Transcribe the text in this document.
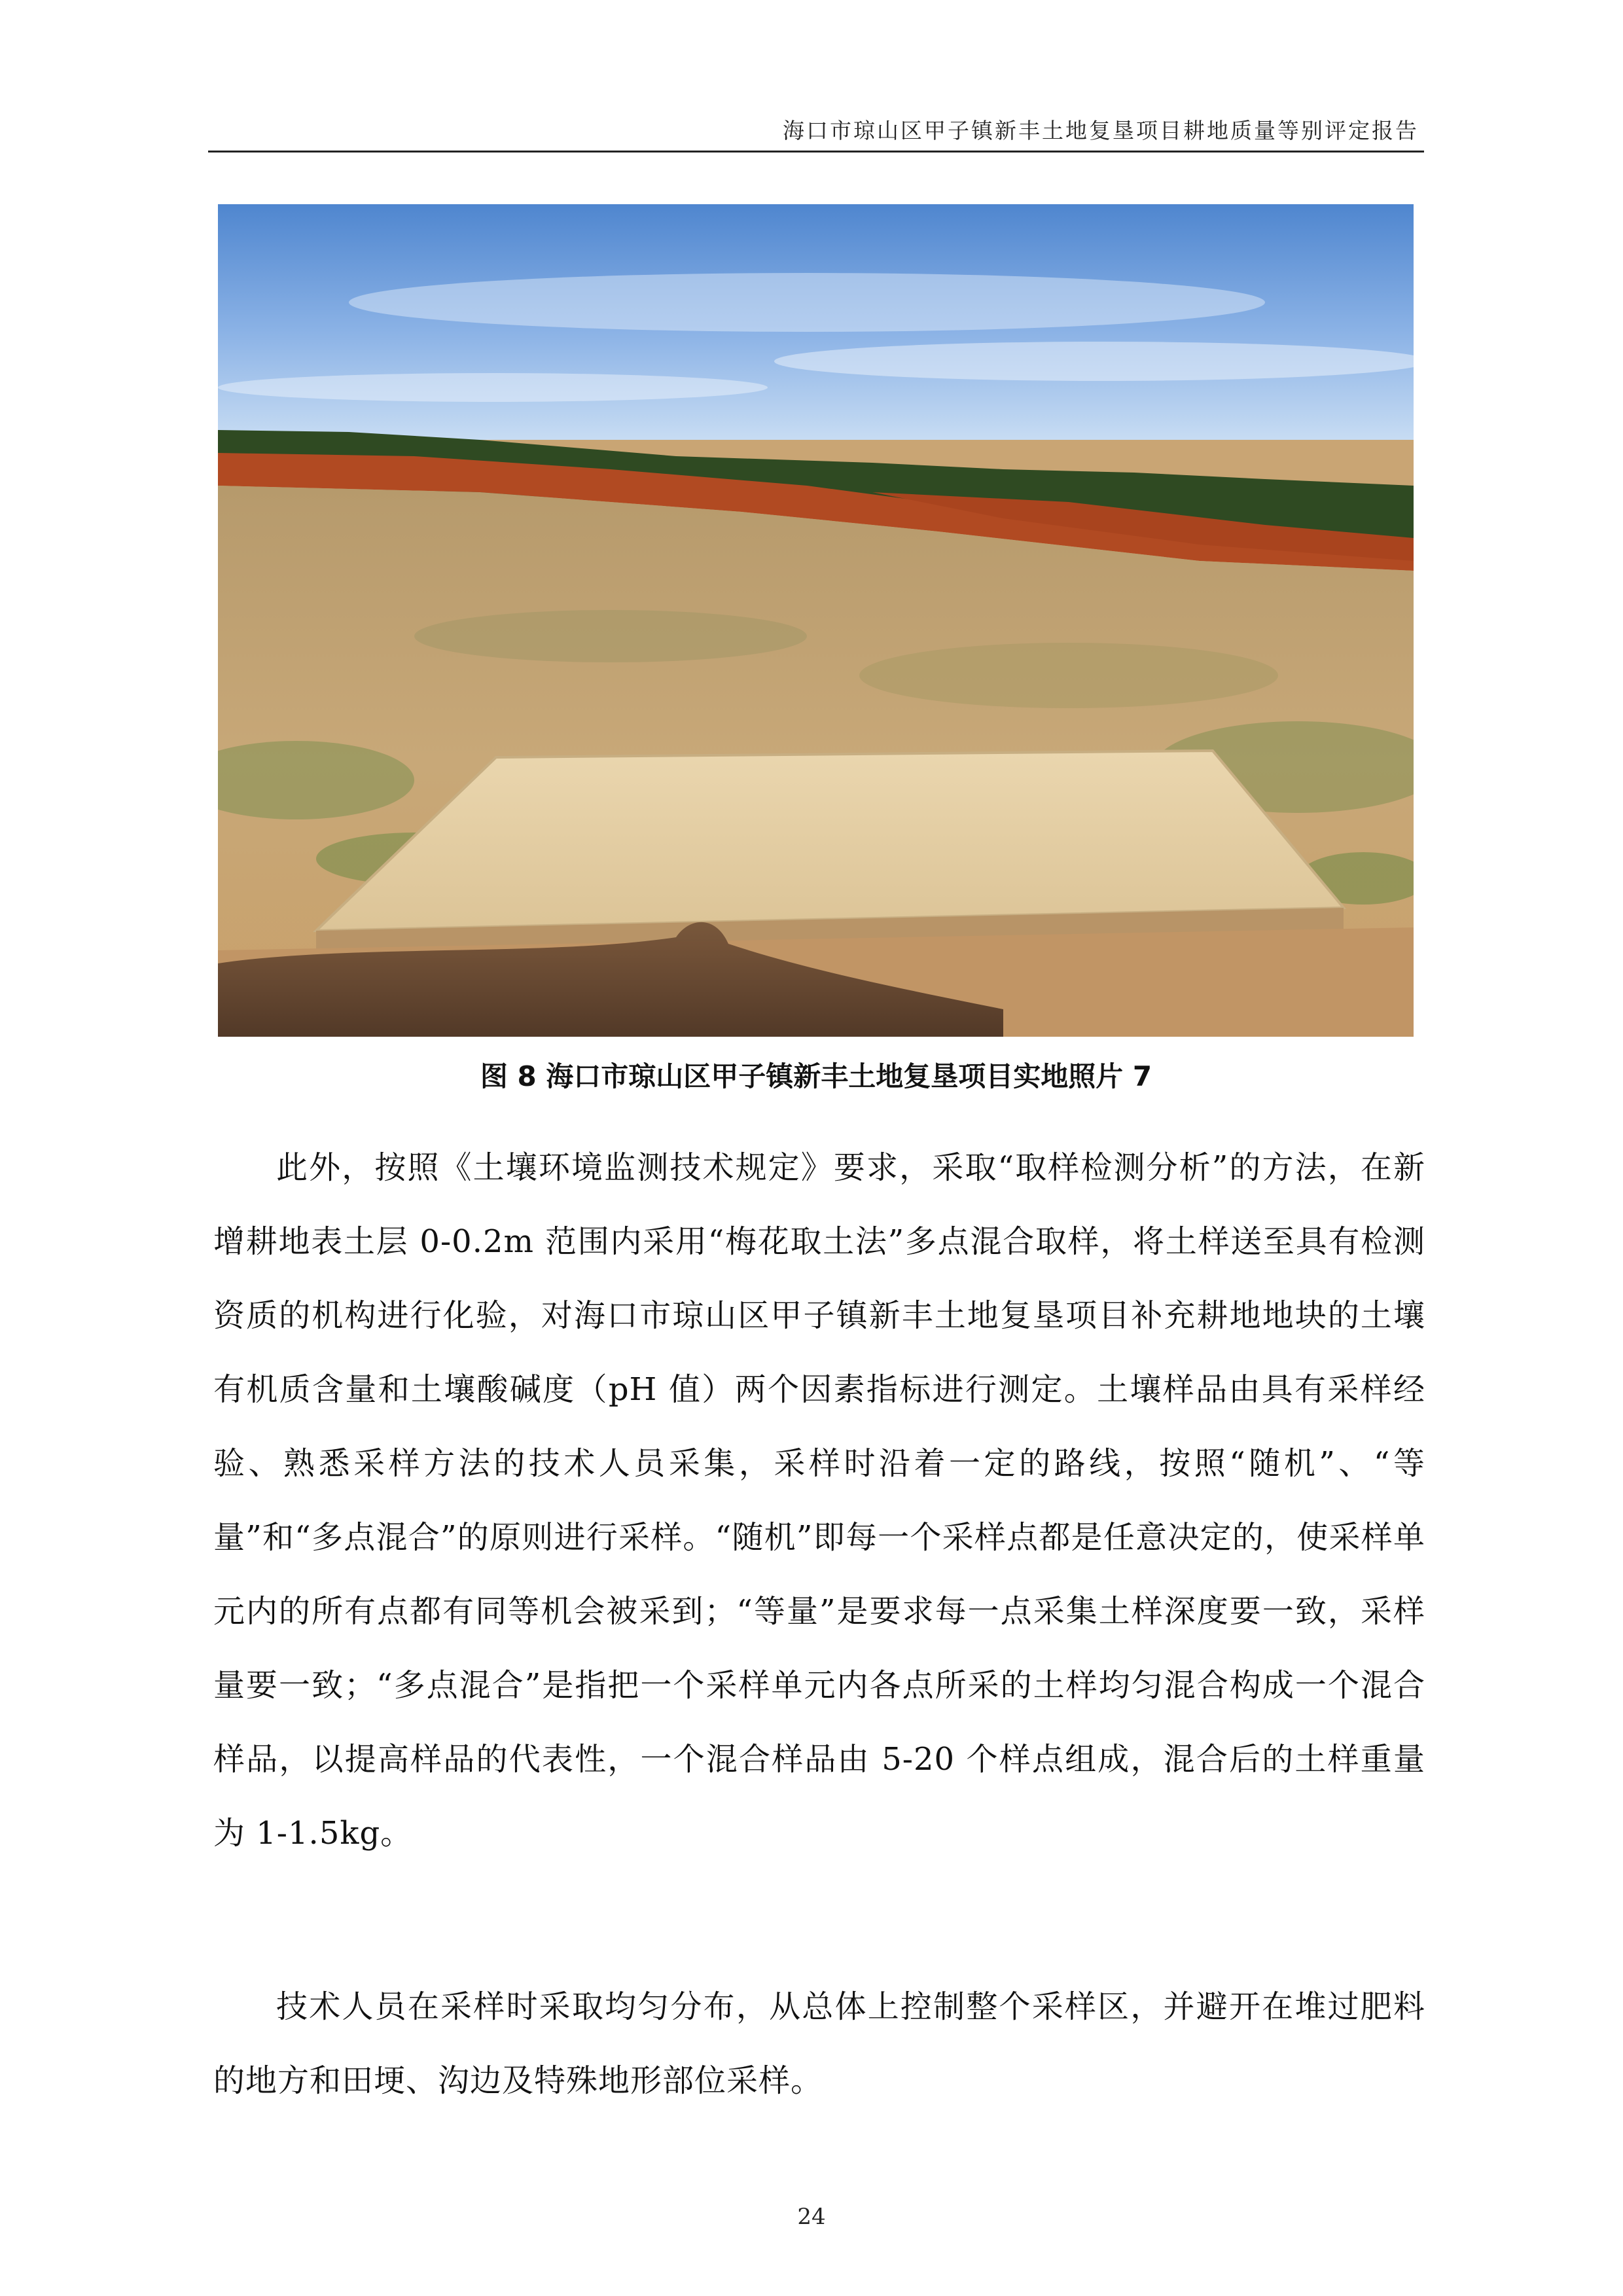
海口市琼山区甲子镇新丰土地复垦项目耕地质量等别评定报告
图 8 海口市琼山区甲子镇新丰土地复垦项目实地照片 7

此外，按照《土壤环境监测技术规定》要求，采取“取样检测分析”的方法，在新增耕地表土层 0-0.2m 范围内采用“梅花取土法”多点混合取样，将土样送至具有检测资质的机构进行化验，对海口市琼山区甲子镇新丰土地复垦项目补充耕地地块的土壤有机质含量和土壤酸碱度（pH 值）两个因素指标进行测定。土壤样品由具有采样经验、熟悉采样方法的技术人员采集，采样时沿着一定的路线，按照“随机”、“等量”和“多点混合”的原则进行采样。“随机”即每一个采样点都是任意决定的，使采样单元内的所有点都有同等机会被采到；“等量”是要求每一点采集土样深度要一致，采样量要一致；“多点混合”是指把一个采样单元内各点所采的土样均匀混合构成一个混合样品，以提高样品的代表性，一个混合样品由 5-20 个样点组成，混合后的土样重量为 1-1.5kg。

技术人员在采样时采取均匀分布，从总体上控制整个采样区，并避开在堆过肥料的地方和田埂、沟边及特殊地形部位采样。

24
